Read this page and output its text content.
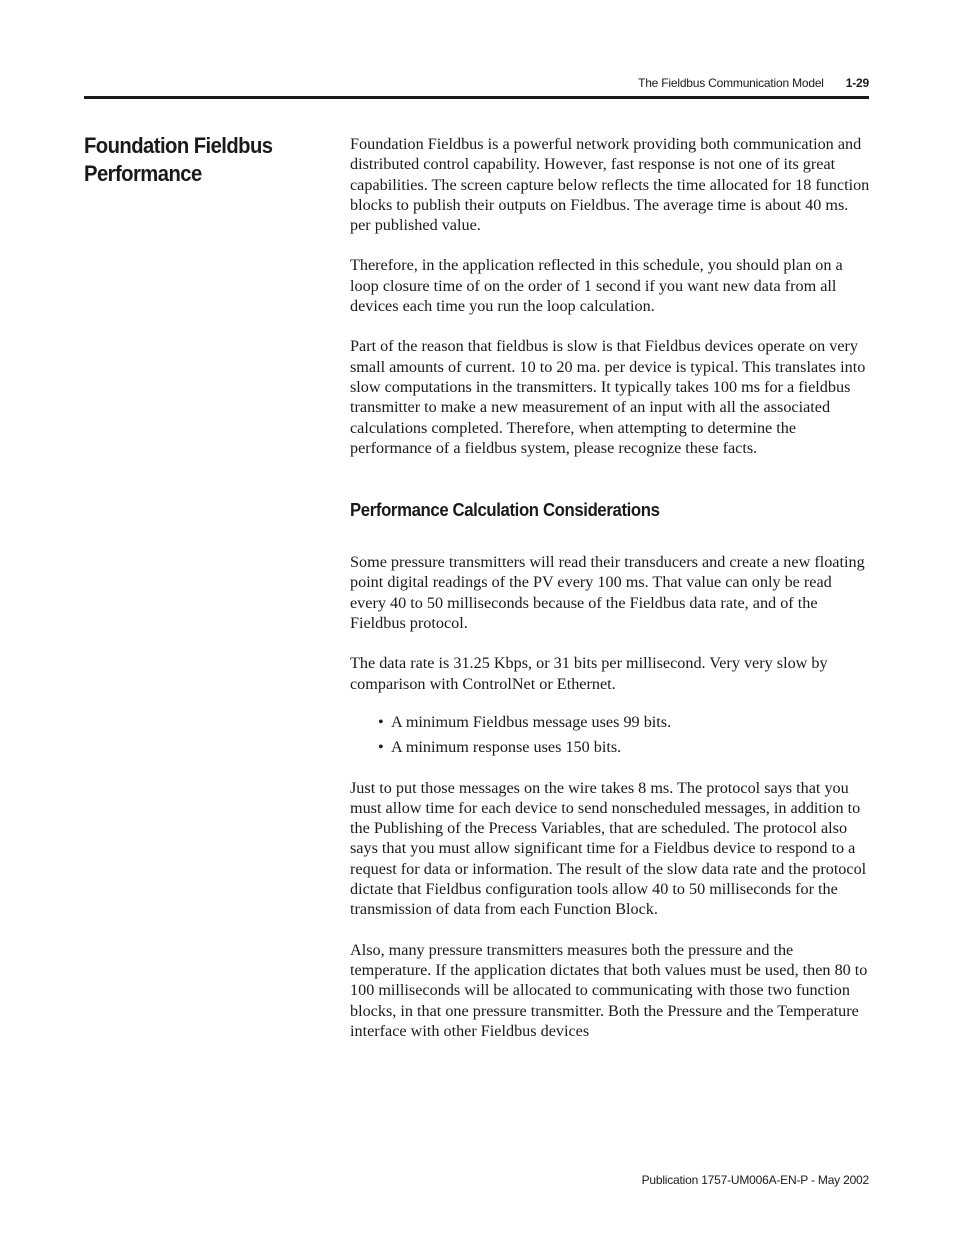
The Fieldbus Communication Model 1-29
Foundation Fieldbus Performance

Foundation Fieldbus is a powerful network providing both communication and distributed control capability. However, fast response is not one of its great capabilities. The screen capture below reflects the time allocated for 18 function blocks to publish their outputs on Fieldbus. The average time is about 40 ms. per published value.

Therefore, in the application reflected in this schedule, you should plan on a loop closure time of on the order of 1 second if you want new data from all devices each time you run the loop calculation.

Part of the reason that fieldbus is slow is that Fieldbus devices operate on very small amounts of current. 10 to 20 ma. per device is typical. This translates into slow computations in the transmitters. It typically takes 100 ms for a fieldbus transmitter to make a new measurement of an input with all the associated calculations completed. Therefore, when attempting to determine the performance of a fieldbus system, please recognize these facts.

Performance Calculation Considerations

Some pressure transmitters will read their transducers and create a new floating point digital readings of the PV every 100 ms. That value can only be read every 40 to 50 milliseconds because of the Fieldbus data rate, and of the Fieldbus protocol.

The data rate is 31.25 Kbps, or 31 bits per millisecond. Very very slow by comparison with ControlNet or Ethernet.

• A minimum Fieldbus message uses 99 bits.
• A minimum response uses 150 bits.

Just to put those messages on the wire takes 8 ms. The protocol says that you must allow time for each device to send nonscheduled messages, in addition to the Publishing of the Precess Variables, that are scheduled. The protocol also says that you must allow significant time for a Fieldbus device to respond to a request for data or information. The result of the slow data rate and the protocol dictate that Fieldbus configuration tools allow 40 to 50 milliseconds for the transmission of data from each Function Block.

Also, many pressure transmitters measures both the pressure and the temperature. If the application dictates that both values must be used, then 80 to 100 milliseconds will be allocated to communicating with those two function blocks, in that one pressure transmitter. Both the Pressure and the Temperature interface with other Fieldbus devices

Publication 1757-UM006A-EN-P - May 2002
